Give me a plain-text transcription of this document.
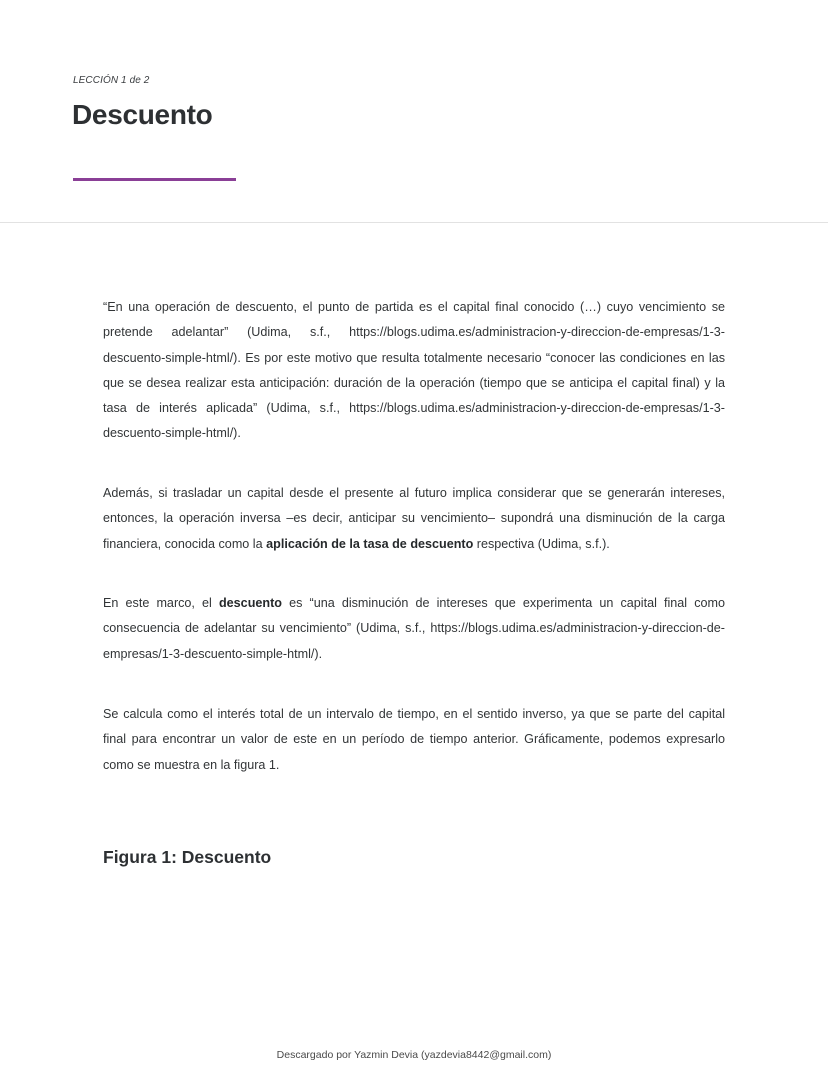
LECCIÓN 1 de 2
Descuento

“En una operación de descuento, el punto de partida es el capital final conocido (…) cuyo vencimiento se pretende adelantar” (Udima, s.f., https://blogs.udima.es/administracion-y-direccion-de-empresas/1-3-descuento-simple-html/). Es por este motivo que resulta totalmente necesario “conocer las condiciones en las que se desea realizar esta anticipación: duración de la operación (tiempo que se anticipa el capital final) y la tasa de interés aplicada” (Udima, s.f., https://blogs.udima.es/administracion-y-direccion-de-empresas/1-3-descuento-simple-html/).

Además, si trasladar un capital desde el presente al futuro implica considerar que se generarán intereses, entonces, la operación inversa –es decir, anticipar su vencimiento– supondrá una disminución de la carga financiera, conocida como la aplicación de la tasa de descuento respectiva (Udima, s.f.).

En este marco, el descuento es “una disminución de intereses que experimenta un capital final como consecuencia de adelantar su vencimiento” (Udima, s.f., https://blogs.udima.es/administracion-y-direccion-de-empresas/1-3-descuento-simple-html/).

Se calcula como el interés total de un intervalo de tiempo, en el sentido inverso, ya que se parte del capital final para encontrar un valor de este en un período de tiempo anterior. Gráficamente, podemos expresarlo como se muestra en la figura 1.

Figura 1: Descuento
Descargado por Yazmin Devia (yazdevia8442@gmail.com)
